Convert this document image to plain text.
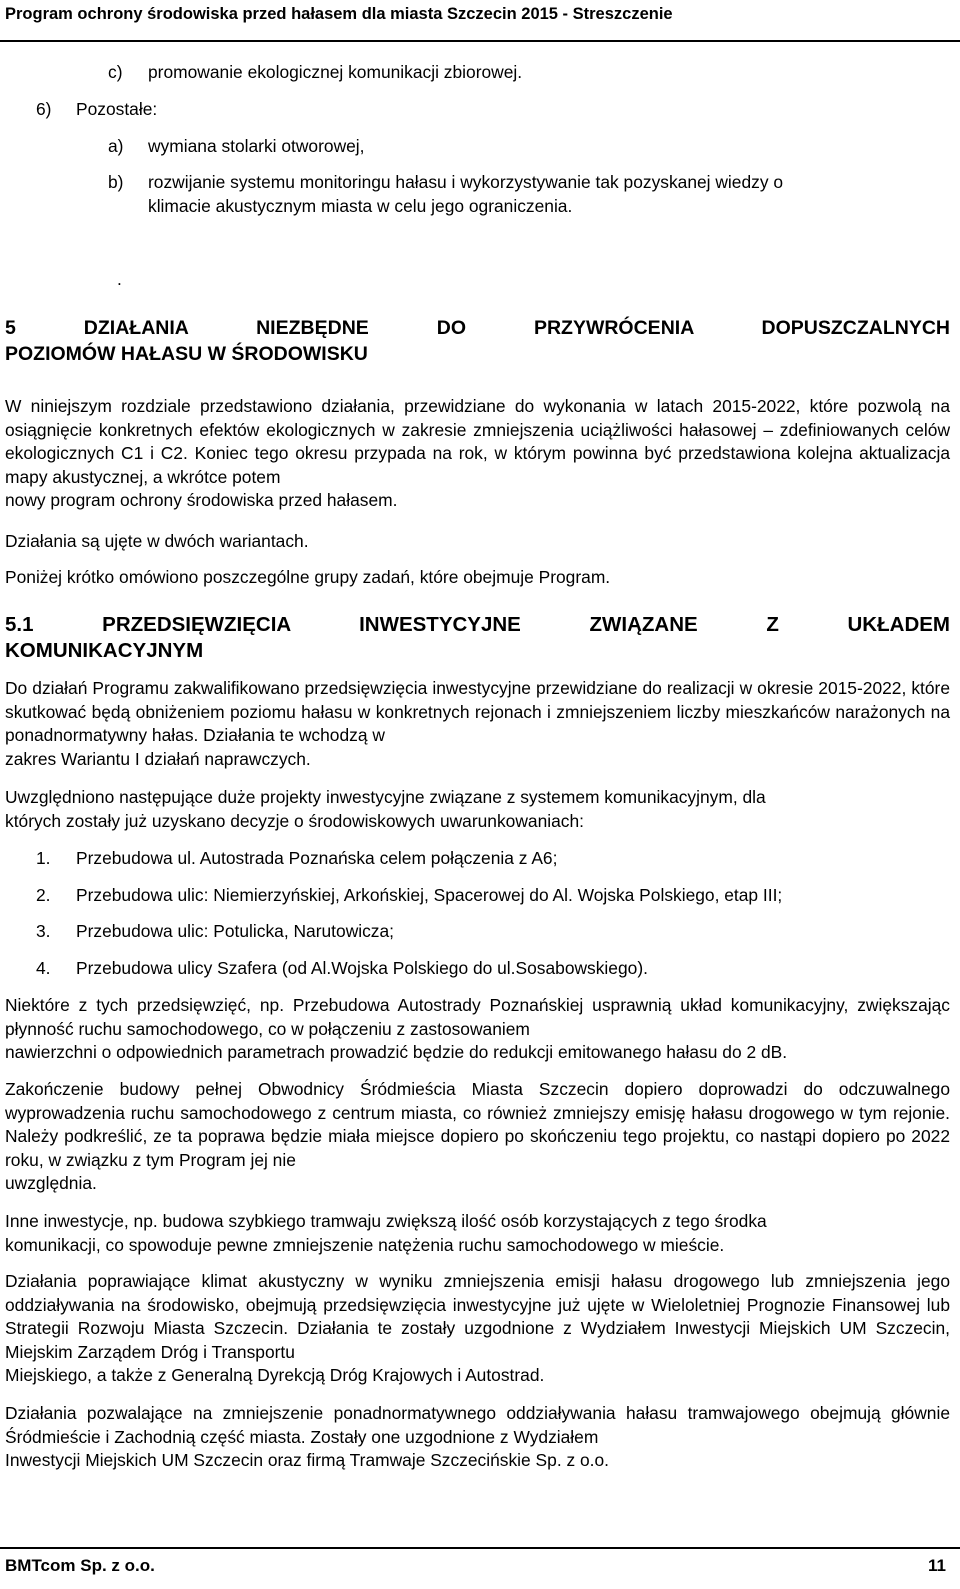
Program ochrony środowiska przed hałasem dla miasta Szczecin 2015 - Streszczenie
c) promowanie ekologicznej komunikacji zbiorowej.
6) Pozostałe:
a) wymiana stolarki otworowej,
b) rozwijanie systemu monitoringu hałasu i wykorzystywanie tak pozyskanej wiedzy o
klimacie akustycznym miasta w celu jego ograniczenia.
.
5 DZIAŁANIA NIEZBĘDNE DO PRZYWRÓCENIA DOPUSZCZALNYCH
POZIOMÓW HAŁASU W ŚRODOWISKU
W niniejszym rozdziale przedstawiono działania, przewidziane do wykonania w latach 2015-2022, które pozwolą na osiągnięcie konkretnych efektów ekologicznych w zakresie zmniejszenia uciążliwości hałasowej – zdefiniowanych celów ekologicznych C1 i C2. Koniec tego okresu przypada na rok, w którym powinna być przedstawiona kolejna aktualizacja mapy akustycznej, a wkrótce potem
nowy program ochrony środowiska przed hałasem.
Działania są ujęte w dwóch wariantach.
Poniżej krótko omówiono poszczególne grupy zadań, które obejmuje Program.
5.1 PRZEDSIĘWZIĘCIA INWESTYCYJNE ZWIĄZANE Z UKŁADEM
KOMUNIKACYJNYM
Do działań Programu zakwalifikowano przedsięwzięcia inwestycyjne przewidziane do realizacji w okresie 2015-2022, które skutkować będą obniżeniem poziomu hałasu w konkretnych rejonach i zmniejszeniem liczby mieszkańców narażonych na ponadnormatywny hałas. Działania te wchodzą w
zakres Wariantu I działań naprawczych.
Uwzględniono następujące duże projekty inwestycyjne związane z systemem komunikacyjnym, dla
których zostały już uzyskano decyzje o środowiskowych uwarunkowaniach:
1. Przebudowa ul. Autostrada Poznańska celem połączenia z A6;
2. Przebudowa ulic: Niemierzyńskiej, Arkońskiej, Spacerowej do Al. Wojska Polskiego, etap III;
3. Przebudowa ulic: Potulicka, Narutowicza;
4. Przebudowa ulicy Szafera (od Al.Wojska Polskiego do ul.Sosabowskiego).
Niektóre z tych przedsięwzięć, np. Przebudowa Autostrady Poznańskiej usprawnią układ komunikacyjny, zwiększając płynność ruchu samochodowego, co w połączeniu z zastosowaniem
nawierzchni o odpowiednich parametrach prowadzić będzie do redukcji emitowanego hałasu do 2 dB.
Zakończenie budowy pełnej Obwodnicy Śródmieścia Miasta Szczecin dopiero doprowadzi do odczuwalnego wyprowadzenia ruchu samochodowego z centrum miasta, co również zmniejszy emisję hałasu drogowego w tym rejonie. Należy podkreślić, ze ta poprawa będzie miała miejsce dopiero po skończeniu tego projektu, co nastąpi dopiero po 2022 roku, w związku z tym Program jej nie
uwzględnia.
Inne inwestycje, np. budowa szybkiego tramwaju zwiększą ilość osób korzystających z tego środka
komunikacji, co spowoduje pewne zmniejszenie natężenia ruchu samochodowego w mieście.
Działania poprawiające klimat akustyczny w wyniku zmniejszenia emisji hałasu drogowego lub zmniejszenia jego oddziaływania na środowisko, obejmują przedsięwzięcia inwestycyjne już ujęte w Wieloletniej Prognozie Finansowej lub Strategii Rozwoju Miasta Szczecin. Działania te zostały uzgodnione z Wydziałem Inwestycji Miejskich UM Szczecin, Miejskim Zarządem Dróg i Transportu
Miejskiego, a także z Generalną Dyrekcją Dróg Krajowych i Autostrad.
Działania pozwalające na zmniejszenie ponadnormatywnego oddziaływania hałasu tramwajowego obejmują głównie Śródmieście i Zachodnią część miasta. Zostały one uzgodnione z Wydziałem
Inwestycji Miejskich UM Szczecin oraz firmą Tramwaje Szczecińskie Sp. z o.o.
BMTcom Sp. z o.o.	11
